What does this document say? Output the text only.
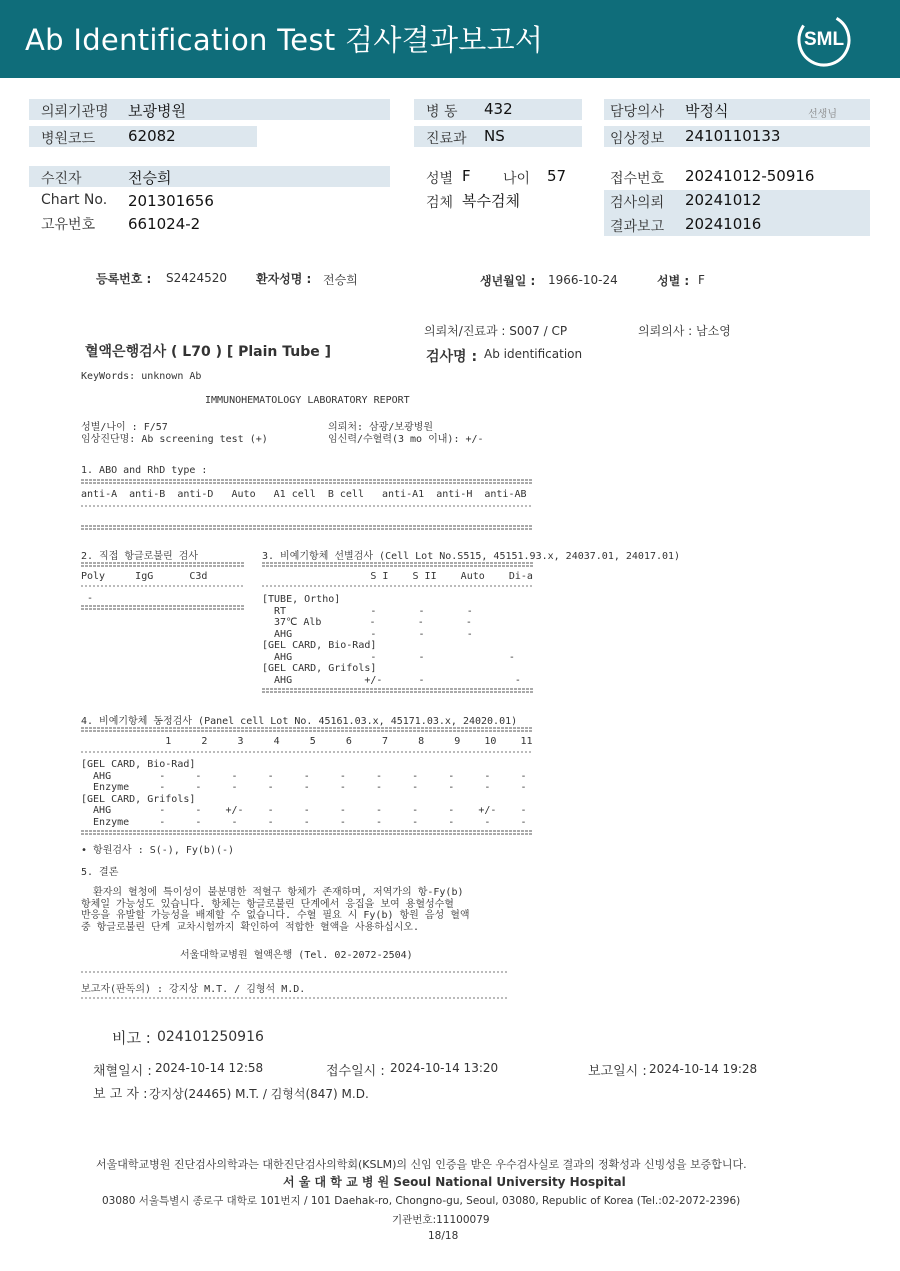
Ab Identification Test 검사결과보고서	SML
의뢰기관명 보광병원
병원코드 62082
병 동 432
진료과 NS
담당의사 박정식	선생님
임상정보 2410110133
수진자	전승희
Chart No. 201301656
고유번호 661024-2
성별 F 나이 57
검체 복수검체
접수번호 20241012-50916
검사의뢰 20241012
결과보고 20241016
등록번호 : S2424520 환자성명 : 전승희	생년월일 : 1966-10-24	성별 : F
의뢰처/진료과 : S007 / CP	의뢰의사 : 남소영
혈액은행검사 ( L70 ) [ Plain Tube ]	검사명 : Ab identification
KeyWords: unknown Ab
IMMUNOHEMATOLOGY LABORATORY REPORT
성별/나이 : F/57
임상진단명: Ab screening test (+)
의뢰처: 삼광/보광병원
임신력/수혈력(3 mo 이내): +/-
1. ABO and RhD type :
anti-A  anti-B  anti-D   Auto   A1 cell  B cell   anti-A1  anti-H  anti-AB
2. 직접 항글로불린 검사	3. 비예기항체 선별검사 (Cell Lot No.S515, 45151.93.x, 24037.01, 24017.01)
Poly     IgG      C3d
-
S I    S II    Auto    Di-a
[TUBE, Ortho]
RT              -       -       -
37℃ Alb        -       -       -
AHG             -       -       -
[GEL CARD, Bio-Rad]
AHG             -       -              -
[GEL CARD, Grifols]
AHG            +/-      -               -
4. 비예기항체 동정검사 (Panel cell Lot No. 45161.03.x, 45171.03.x, 24020.01)
1     2     3     4     5     6     7     8     9    10    11
[GEL CARD, Bio-Rad]
AHG        -     -     -     -     -     -     -     -     -     -     -
Enzyme     -     -     -     -     -     -     -     -     -     -     -
[GEL CARD, Grifols]
AHG        -     -    +/-    -     -     -     -     -     -    +/-    -
Enzyme     -     -     -     -     -     -     -     -     -     -     -
• 항원검사 : S(-), Fy(b)(-)
5. 결론
환자의 혈청에 특이성이 불분명한 적혈구 항체가 존재하며, 저역가의 항-Fy(b)
항체일 가능성도 있습니다. 항체는 항글로불린 단계에서 응집을 보여 용혈성수혈
반응을 유발할 가능성을 배제할 수 없습니다. 수혈 필요 시 Fy(b) 항원 음성 혈액
중 항글로불린 단계 교차시험까지 확인하여 적합한 혈액을 사용하십시오.
서울대학교병원 혈액은행 (Tel. 02-2072-2504)
보고자(판독의) : 강지상 M.T. / 김형석 M.D.
비고 : 024101250916
채혈일시 : 2024-10-14 12:58	접수일시 : 2024-10-14 13:20	보고일시 : 2024-10-14 19:28
보 고 자 : 강지상(24465) M.T. / 김형석(847) M.D.
서울대학교병원 진단검사의학과는 대한진단검사의학회(KSLM)의 신임 인증을 받은 우수검사실로 결과의 정확성과 신빙성을 보증합니다.
서 울 대 학 교 병 원 Seoul National University Hospital
03080 서울특별시 종로구 대학로 101번지 / 101 Daehak-ro, Chongno-gu, Seoul, 03080, Republic of Korea (Tel.:02-2072-2396)
기관번호:11100079
18/18
